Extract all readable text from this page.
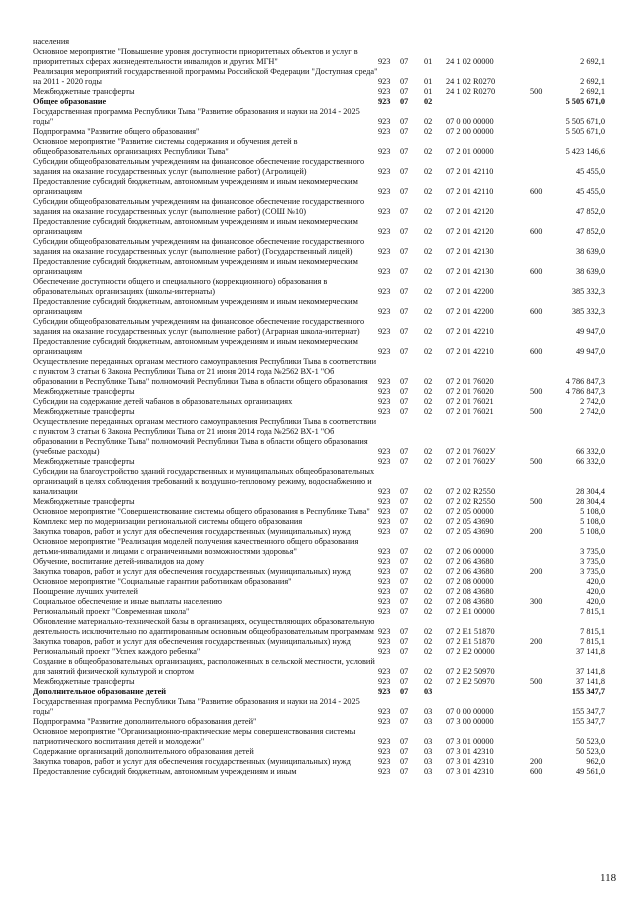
населения						
Основное мероприятие "Повышение уровня доступности приоритетных объектов и услуг в приоритетных сферах жизнедеятельности инвалидов и других МГН"	923	07	01	24 1 02 00000		2 692,1
Реализация мероприятий государственной программы Российской Федерации "Доступная среда" на 2011 - 2020 годы	923	07	01	24 1 02 R0270		2 692,1
Межбюджетные трансферты	923	07	01	24 1 02 R0270	500	2 692,1
Общее образование	923	07	02			5 505 671,0
Государственная программа Республики Тыва "Развитие образования и науки на 2014 - 2025 годы"	923	07	02	07 0 00 00000		5 505 671,0
Подпрограмма "Развитие общего образования"	923	07	02	07 2 00 00000		5 505 671,0
Основное мероприятие "Развитие системы содержания и обучения детей в общеобразовательных организациях Республики Тыва"	923	07	02	07 2 01 00000		5 423 146,6
Субсидии общеобразовательным учреждениям на финансовое обеспечение государственного задания на оказание государственных услуг (выполнение работ) (Агролицей)	923	07	02	07 2 01 42110		45 455,0
Предоставление субсидий бюджетным, автономным учреждениям и иным некоммерческим организациям	923	07	02	07 2 01 42110	600	45 455,0
Субсидии общеобразовательным учреждениям на финансовое обеспечение государственного задания на оказание государственных услуг (выполнение работ) (СОШ №10)	923	07	02	07 2 01 42120		47 852,0
Предоставление субсидий бюджетным, автономным учреждениям и иным некоммерческим организациям	923	07	02	07 2 01 42120	600	47 852,0
Субсидии общеобразовательным учреждениям на финансовое обеспечение государственного задания на оказание государственных услуг (выполнение работ) (Государственный лицей)	923	07	02	07 2 01 42130		38 639,0
Предоставление субсидий бюджетным, автономным учреждениям и иным некоммерческим организациям	923	07	02	07 2 01 42130	600	38 639,0
Обеспечение доступности общего и специального (коррекционного) образования в образовательных организациях (школы-интернаты)	923	07	02	07 2 01 42200		385 332,3
Предоставление субсидий бюджетным, автономным учреждениям и иным некоммерческим организациям	923	07	02	07 2 01 42200	600	385 332,3
Субсидии общеобразовательным учреждениям на финансовое обеспечение государственного задания на оказание государственных услуг (выполнение работ) (Аграрная школа-интернат)	923	07	02	07 2 01 42210		49 947,0
Предоставление субсидий бюджетным, автономным учреждениям и иным некоммерческим организациям	923	07	02	07 2 01 42210	600	49 947,0
Осуществление переданных органам местного самоуправления Республики Тыва в соответствии с пунктом 3 статьи 6 Закона Республики Тыва от 21 июня 2014 года №2562 ВХ-1 "Об образовании в Республике Тыва" полномочий Республики Тыва в области общего образования	923	07	02	07 2 01 76020		4 786 847,3
Межбюджетные трансферты	923	07	02	07 2 01 76020	500	4 786 847,3
Субсидии на содержание детей чабанов в образовательных организациях	923	07	02	07 2 01 76021		2 742,0
Межбюджетные трансферты	923	07	02	07 2 01 76021	500	2 742,0
Осуществление переданных органам местного самоуправления Республики Тыва в соответствии с пунктом 3 статьи 6 Закона Республики Тыва от 21 июня 2014 года №2562 ВХ-1 "Об образовании в Республике Тыва" полномочий Республики Тыва в области общего образования (учебные расходы)	923	07	02	07 2 01 7602У		66 332,0
Межбюджетные трансферты	923	07	02	07 2 01 7602У	500	66 332,0
Субсидии на благоустройство зданий государственных и муниципальных общеобразовательных организаций в целях соблюдения требований к воздушно-тепловому режиму, водоснабжению и канализации	923	07	02	07 2 02 R2550		28 304,4
Межбюджетные трансферты	923	07	02	07 2 02 R2550	500	28 304,4
Основное мероприятие "Совершенствование системы общего образования в Республике Тыва"	923	07	02	07 2 05 00000		5 108,0
Комплекс мер по модернизации региональной системы общего образования	923	07	02	07 2 05 43690		5 108,0
Закупка товаров, работ и услуг для обеспечения государственных (муниципальных) нужд	923	07	02	07 2 05 43690	200	5 108,0
Основное мероприятие "Реализация моделей получения качественного общего образования детьми-инвалидами и лицами с ограниченными возможностями здоровья"	923	07	02	07 2 06 00000		3 735,0
Обучение, воспитание детей-инвалидов на дому	923	07	02	07 2 06 43680		3 735,0
Закупка товаров, работ и услуг для обеспечения государственных (муниципальных) нужд	923	07	02	07 2 06 43680	200	3 735,0
Основное мероприятие "Социальные гарантии работникам образования"	923	07	02	07 2 08 00000		420,0
Поощрение лучших учителей	923	07	02	07 2 08 43680		420,0
Социальное обеспечение и иные выплаты населению	923	07	02	07 2 08 43680	300	420,0
Региональный проект "Современная школа"	923	07	02	07 2 E1 00000		7 815,1
Обновление материально-технической базы в организациях, осуществляющих образовательную деятельность исключительно по адаптированным основным общеобразовательным программам	923	07	02	07 2 E1 51870		7 815,1
Закупка товаров, работ и услуг для обеспечения государственных (муниципальных) нужд	923	07	02	07 2 E1 51870	200	7 815,1
Региональный проект "Успех каждого ребенка"	923	07	02	07 2 E2 00000		37 141,8
Создание в общеобразовательных организациях, расположенных в сельской местности, условий для занятий физической культурой и спортом	923	07	02	07 2 E2 50970		37 141,8
Межбюджетные трансферты	923	07	02	07 2 E2 50970	500	37 141,8
Дополнительное образование детей	923	07	03			155 347,7
Государственная программа Республики Тыва "Развитие образования и науки на 2014 - 2025 годы"	923	07	03	07 0 00 00000		155 347,7
Подпрограмма "Развитие дополнительного образования детей"	923	07	03	07 3 00 00000		155 347,7
Основное мероприятие "Организационно-практические меры совершенствования системы патриотического воспитания детей и молодежи"	923	07	03	07 3 01 00000		50 523,0
Содержание организаций дополнительного образования детей	923	07	03	07 3 01 42310		50 523,0
Закупка товаров, работ и услуг для обеспечения государственных (муниципальных) нужд	923	07	03	07 3 01 42310	200	962,0
Предоставление субсидий бюджетным, автономным учреждениям и иным	923	07	03	07 3 01 42310	600	49 561,0
118
